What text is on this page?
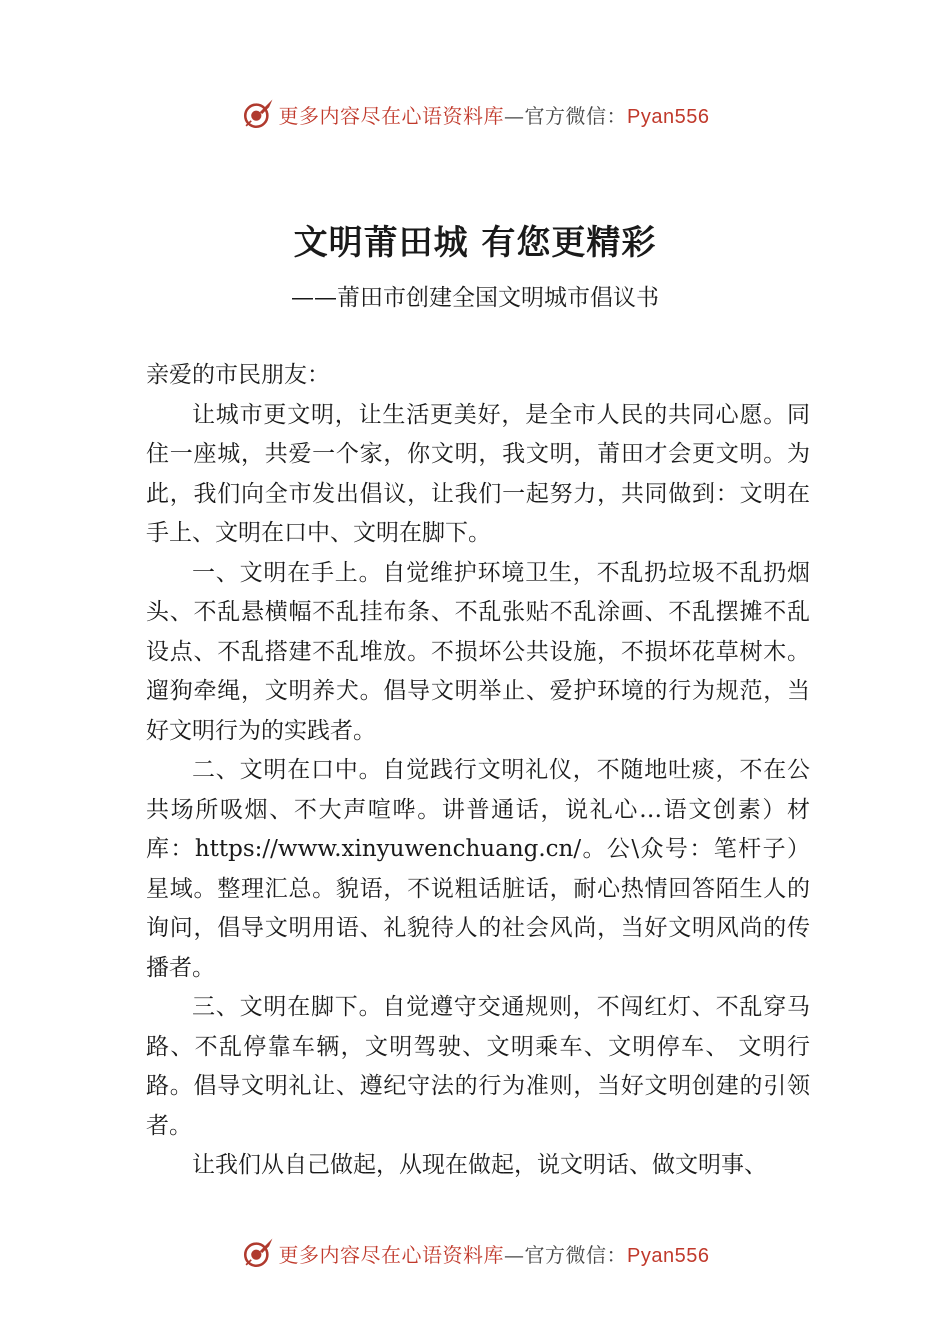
更多内容尽在心语资料库—官方微信：Pyan556
文明莆田城 有您更精彩
——莆田市创建全国文明城市倡议书

亲爱的市民朋友：

让城市更文明，让生活更美好，是全市人民的共同心愿。同住一座城，共爱一个家，你文明，我文明，莆田才会更文明。为此，我们向全市发出倡议，让我们一起努力，共同做到：文明在手上、文明在口中、文明在脚下。

一、文明在手上。自觉维护环境卫生，不乱扔垃圾不乱扔烟头、不乱悬横幅不乱挂布条、不乱张贴不乱涂画、不乱摆摊不乱设点、不乱搭建不乱堆放。不损坏公共设施，不损坏花草树木。遛狗牵绳，文明养犬。倡导文明举止、爱护环境的行为规范，当好文明行为的实践者。

二、文明在口中。自觉践行文明礼仪，不随地吐痰，不在公共场所吸烟、不大声喧哗。讲普通话，说礼心…语文创素）材库：https://www.xinyuwenchuang.cn/。公\众号：笔杆子）星域。整理汇总。貌语，不说粗话脏话，耐心热情回答陌生人的询问，倡导文明用语、礼貌待人的社会风尚，当好文明风尚的传播者。

三、文明在脚下。自觉遵守交通规则，不闯红灯、不乱穿马路、不乱停靠车辆，文明驾驶、文明乘车、文明停车、 文明行路。倡导文明礼让、遵纪守法的行为准则，当好文明创建的引领者。

让我们从自己做起，从现在做起，说文明话、做文明事、

更多内容尽在心语资料库—官方微信：Pyan556
